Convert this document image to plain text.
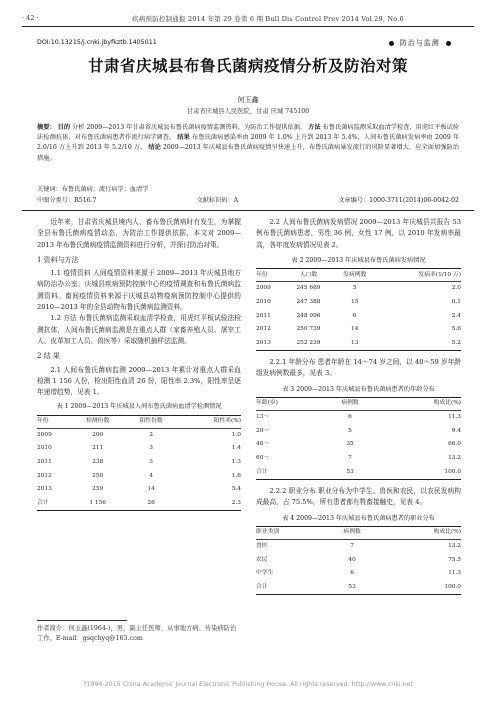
· 42 ·	疾病预防控制通报 2014 年第 29 卷第 6 期 Bull Dis Control Prev 2014 Vol.29, No.6
DOI:10.13215/j.cnki.jbyfkztb.1405011	防治与监测
甘肃省庆城县布鲁氏菌病疫情分析及防治对策
何玉鑫
甘肃省庆城县人民医院，甘肃 庆城 745100
摘要： 目的 分析 2009—2013 年甘肃省庆城县布鲁氏菌病疫情监测资料，为防治工作提供依据。 方法 布鲁氏菌病监测采取血清学检查，用虎红平板试验法检测抗体，对布鲁氏菌病患者作流行病学调查。 结果 布鲁氏菌病感染率由 2009 年 1.0% 上升到 2013 年 5.4%，人间布鲁氏菌病发病率由 2009 年 2.0/10 万上升到 2013 年 5.2/10 万。 结论 2009—2013 年庆城县布鲁氏菌病疫情呈快速上升，布鲁氏菌病暴发流行的风险显著增大，应全面加强防治措施。
关键词：布鲁氏菌病；流行病学；血清学
中图分类号：R516.7	文献标识码：A	文章编号：1000-3711(2014)06-0042-02

近年来，甘肃省庆城县境内人、畜布鲁氏菌病时有发生，为掌握全县布鲁氏菌病疫情动态，为防治工作提供依据，本文对 2009—2013 年布鲁氏菌病疫情监测资料进行分析，并探讨防治对策。

1 资料与方法

1.1 疫情资料 人间疫情资料来源于 2009—2013 年庆城县地方病防治办公室、庆城县疾病预防控制中心的疫情调查和布鲁氏菌病监测资料。畜间疫情资料来源于庆城县动物疫病预防控制中心提供的 2010—2013 年的全县动物布鲁氏菌病监测资料。

1.2 方法 布鲁氏菌病监测采取血清学检查，用虎红平板试验法检测抗体，人间布鲁氏菌病监测是在重点人群（家畜养殖人员、屠宰工人、皮革加工人员、兽医等）采取随机抽样法监测。

2 结 果

2.1 人间布鲁氏菌病监测 2009—2013 年累计对重点人群采血检测 1 156 人份，检出阳性血清 26 份，阳性率 2.3%，阳性率呈逐年递增趋势，见表 1。

表 1 2009—2013 年庆城县人间布鲁氏菌病血清学检测情况
年份	检测份数	阳性份数	阳性率(%)
2009	200	2	1.0
2010	211	3	1.4
2011	238	3	1.3
2012	250	4	1.6
2013	259	14	5.4
合计	1 156	26	2.3
作者简介：何玉鑫(1964-)，男，副主任医师，从事地方病、传染病防治工作。E-mail：gsqchyq@163.com

2.2 人间布鲁氏菌病发病情况 2009—2013 年庆城县共报告 53 例布鲁氏菌病患者，男性 36 例，女性 17 例，以 2010 年发病率最高，各年度发病情况见表 2。

表 2 2009—2013 年庆城县布鲁氏菌病发病情况
年份	人口数	发病例数	发病率(1/10 万)
2009	245 669	5	2.0
2010	247 388	15	6.1
2011	248 996	6	2.4
2012	250 739	14	5.6
2013	252 239	13	5.2

2.2.1 年龄分布 患者年龄在 14～74 岁之间，以 40～59 岁年龄组发病例数最多，见表 3。

表 3 2009—2013 年庆城县布鲁氏菌病患者的年龄分布
年龄(岁)	病例数	构成比(%)
13～	6	11.3
20～	5	9.4
40～	35	66.0
60～	7	13.2
合计	53	100.0

2.2.2 职业分布 职业分布为中学生、兽医和农民，以农民发病构成最高，占 75.5%，所有患者都有牲畜接触史，见表 4。

表 4 2009—2013 年庆城县布鲁氏菌病患者的职业分布
职业类别	病例数	构成比(%)
兽医	7	13.2
农民	40	75.5
中学生	6	11.3
合计	53	100.0
?1994-2015 China Academic Journal Electronic Publishing House. All rights reserved. http://www.cnki.net
